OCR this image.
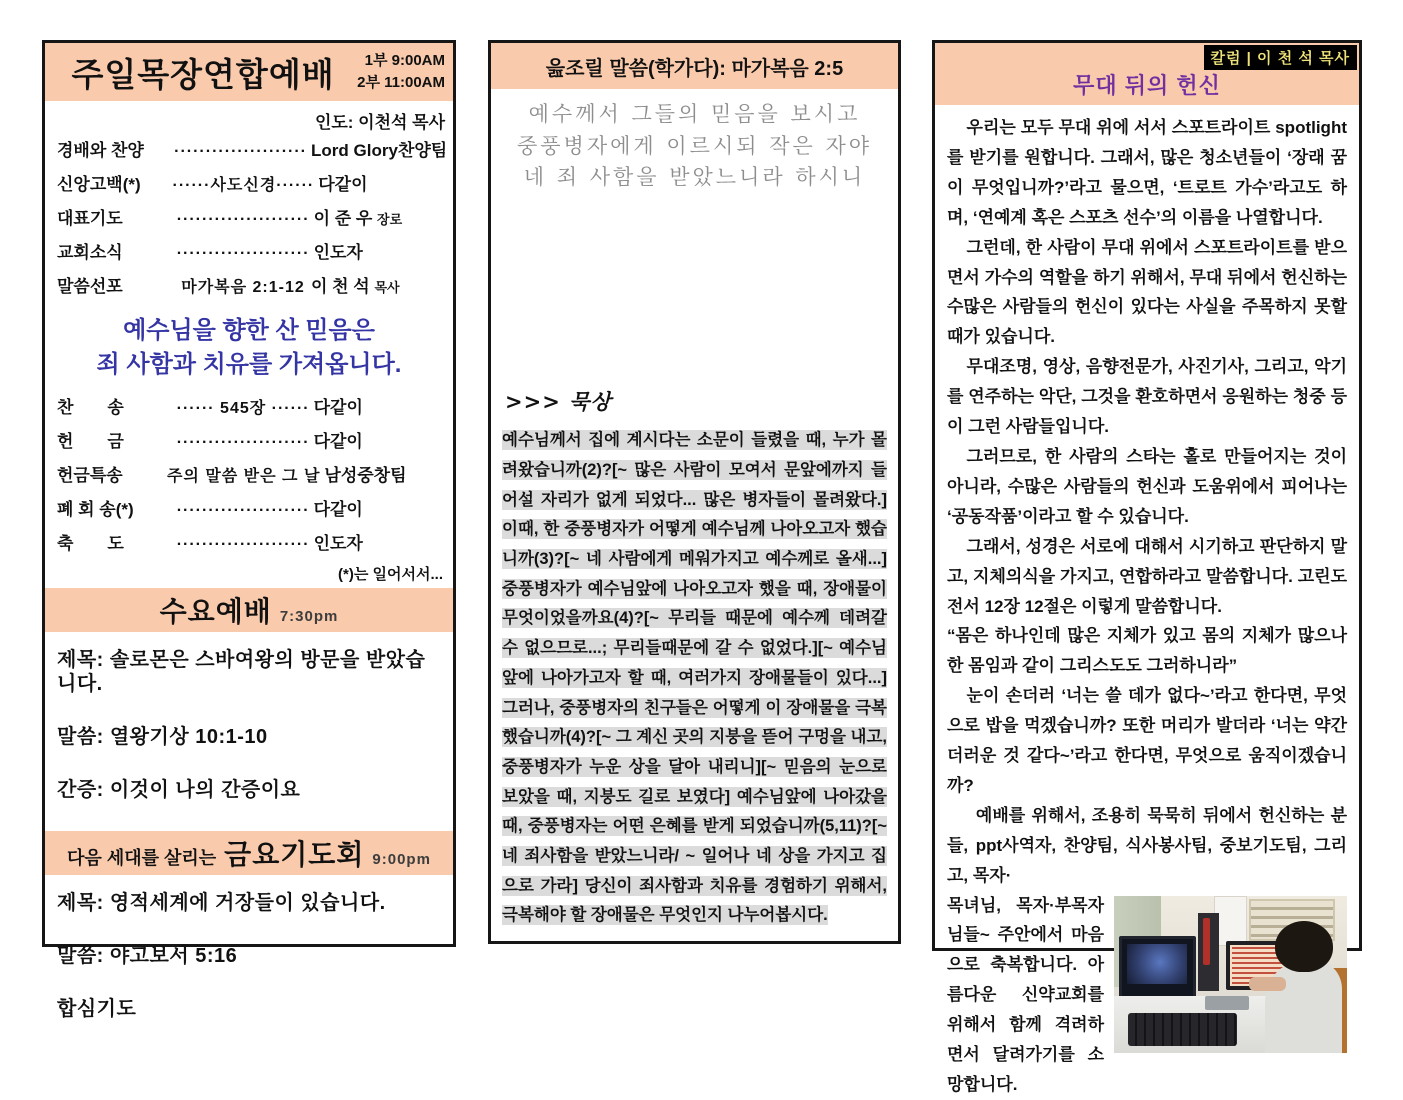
주일목장연합예배	1부 9:00AM
2부 11:00AM
인도: 이천석 목사
경배와 찬양	····················· Lord Glory찬양팀
신앙고백(*)	······사도신경······ 다같이
대표기도	····················· 이 준 우 장로
교회소식	····················· 인도자
말씀선포	마가복음 2:1-12 이 천 석 목사
예수님을 향한 산 믿음은
죄 사함과 치유를 가져옵니다.
찬　　송	······ 545장 ······ 다같이
헌　　금	····················· 다같이
헌금특송	주의 말씀 받은 그 날 남성중창팀
폐 회 송(*)	····················· 다같이
축　　도	····················· 인도자
(*)는 일어서서...
수요예배 7:30pm
제목: 솔로몬은 스바여왕의 방문을 받았습니다.
말씀: 열왕기상 10:1-10
간증: 이것이 나의 간증이요
다음 세대를 살리는 금요기도회 9:00pm
제목: 영적세계에 거장들이 있습니다.
말씀: 야고보서 5:16
합심기도
읊조릴 말씀(학가다): 마가복음 2:5
예수께서 그들의 믿음을 보시고
중풍병자에게 이르시되 작은 자야
네 죄 사함을 받았느니라 하시니
>>> 묵상
예수님께서 집에 계시다는 소문이 들렸을 때, 누가 몰려왔습니까(2)?[~ 많은 사람이 모여서 문앞에까지 들어설 자리가 없게 되었다... 많은 병자들이 몰려왔다.] 이때, 한 중풍병자가 어떻게 예수님께 나아오고자 했습니까(3)?[~ 네 사람에게 메워가지고 예수께로 올새...] 중풍병자가 예수님앞에 나아오고자 했을 때, 장애물이 무엇이었을까요(4)?[~ 무리들 때문에 예수께 데려갈 수 없으므로...; 무리들때문에 갈 수 없었다.][~ 예수님앞에 나아가고자 할 때, 여러가지 장애물들이 있다...] 그러나, 중풍병자의 친구들은 어떻게 이 장애물을 극복했습니까(4)?[~ 그 계신 곳의 지붕을 뜯어 구멍을 내고, 중풍병자가 누운 상을 달아 내리니][~ 믿음의 눈으로 보았을 때, 지붕도 길로 보였다] 예수님앞에 나아갔을 때, 중풍병자는 어떤 은혜를 받게 되었습니까(5,11)?[~ 네 죄사함을 받았느니라/ ~ 일어나 네 상을 가지고 집으로 가라] 당신이 죄사함과 치유를 경험하기 위해서, 극복해야 할 장애물은 무엇인지 나누어봅시다.
칼럼 | 이 천 석 목사
무대 뒤의 헌신

우리는 모두 무대 위에 서서 스포트라이트 spotlight를 받기를 원합니다. 그래서, 많은 청소년들이 ‘장래 꿈이 무엇입니까?’라고 물으면, ‘트로트 가수’라고도 하며, ‘연예계 혹은 스포츠 선수’의 이름을 나열합니다.

그런데, 한 사람이 무대 위에서 스포트라이트를 받으면서 가수의 역할을 하기 위해서, 무대 뒤에서 헌신하는 수많은 사람들의 헌신이 있다는 사실을 주목하지 못할 때가 있습니다.

무대조명, 영상, 음향전문가, 사진기사, 그리고, 악기를 연주하는 악단, 그것을 환호하면서 응원하는 청중 등이 그런 사람들입니다.

그러므로, 한 사람의 스타는 홀로 만들어지는 것이 아니라, 수많은 사람들의 헌신과 도움위에서 피어나는 ‘공동작품’이라고 할 수 있습니다.

그래서, 성경은 서로에 대해서 시기하고 판단하지 말고, 지체의식을 가지고, 연합하라고 말씀합니다. 고린도전서 12장 12절은 이렇게 말씀합니다.

“몸은 하나인데 많은 지체가 있고 몸의 지체가 많으나 한 몸임과 같이 그리스도도 그러하니라”

눈이 손더러 ‘너는 쓸 데가 없다~’라고 한다면, 무엇으로 밥을 먹겠습니까? 또한 머리가 발더라 ‘너는 약간 더러운 것 같다~’라고 한다면, 무엇으로 움직이겠습니까?

예배를 위해서, 조용히 묵묵히 뒤에서 헌신하는 분들, ppt사역자, 찬양팀, 식사봉사팀, 중보기도팀, 그리고, 목자·

목녀님, 목자·부목자님들~ 주안에서 마음으로 축복합니다. 아름다운 신약교회를 위해서 함께 격려하면서 달려가기를 소망합니다.
